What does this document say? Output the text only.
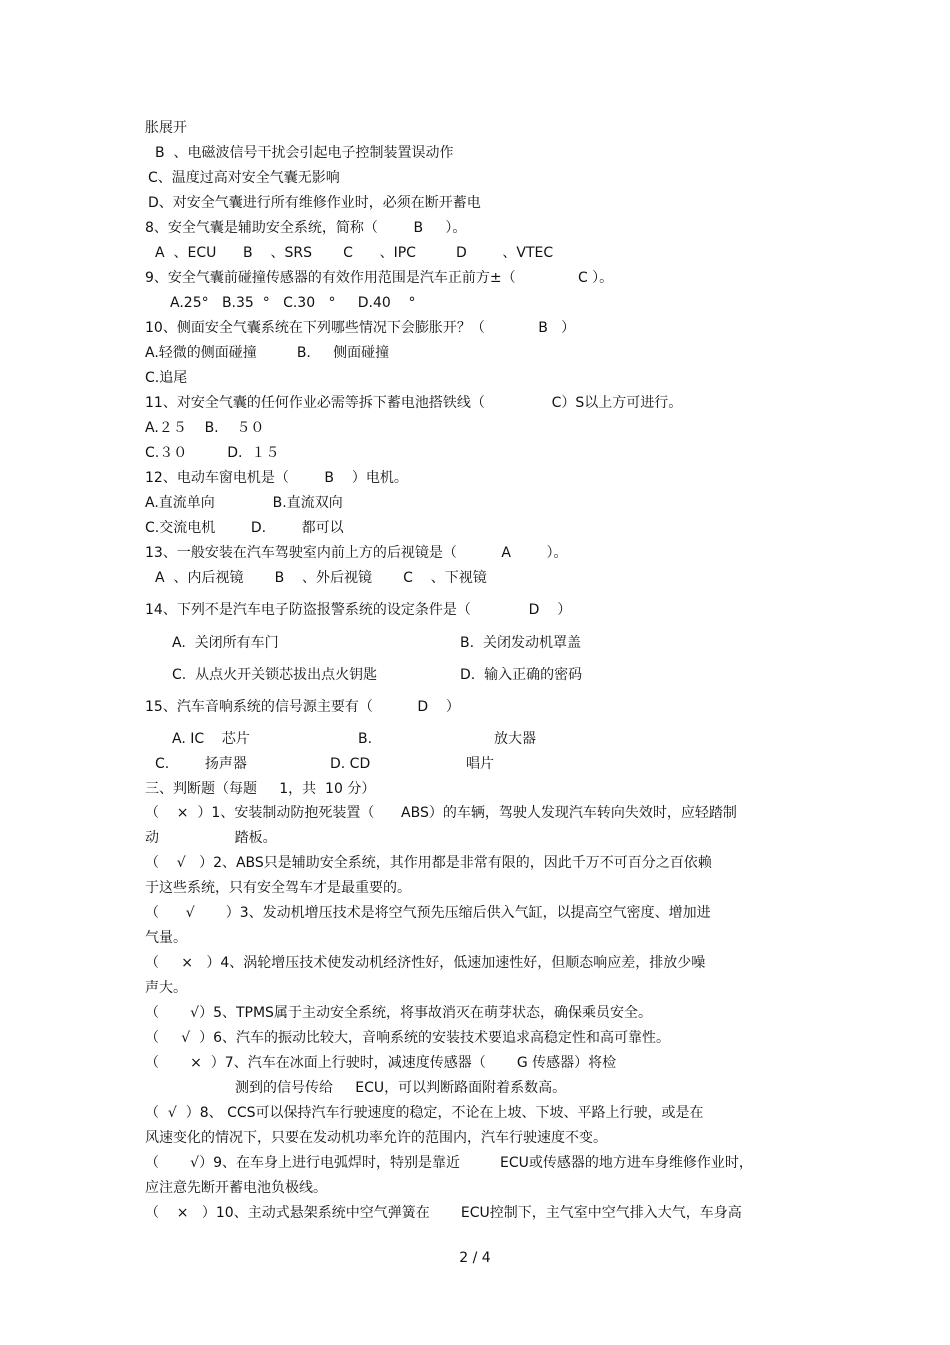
胀展开
B  、电磁波信号干扰会引起电子控制装置误动作
C、温度过高对安全气囊无影响
D、对安全气囊进行所有维修作业时，必须在断开蓄电
8、安全气囊是辅助安全系统，简称（        B     ）。
A  、ECU      B    、SRS       C      、IPC         D        、VTEC
9、安全气囊前碰撞传感器的有效作用范围是汽车正前方±（              C ）。
A.25°   B.35  °   C.30   °     D.40    °
10、侧面安全气囊系统在下列哪些情况下会膨胀开？（            B   ）
A.轻微的侧面碰撞         B.     侧面碰撞
C.追尾
11、对安全气囊的任何作业必需等拆下蓄电池搭铁线（               C）S以上方可进行。
A.２５    B.    ５０
C.３０         D.  １５
12、电动车窗电机是（        B    ）电机。
A.直流单向             B.直流双向
C.交流电机        D.        都可以
13、一般安装在汽车驾驶室内前上方的后视镜是（          A        ）。
A  、内后视镜       B    、外后视镜       C    、下视镜
14、下列不是汽车电子防盗报警系统的设定条件是（             D    ）
A.  关闭所有车门	B.  关闭发动机罩盖
C.  从点火开关锁芯拔出点火钥匙	D.  输入正确的密码
15、汽车音响系统的信号源主要有（          D    ）
A. IC    芯片	B.	放大器
C.        扬声器	D. CD	唱片
三、判断题（每题     1，共  10 分）
（    ×  ）1、安装制动防抱死装置（      ABS）的车辆，驾驶人发现汽车转向失效时，应轻踏制
动                 踏板。
（    √   ）2、ABS只是辅助安全系统，其作用都是非常有限的，因此千万不可百分之百依赖
于这些系统，只有安全驾车才是最重要的。
（      √       ）3、发动机增压技术是将空气预先压缩后供入气缸，以提高空气密度、增加进
气量。
（     ×   ）4、涡轮增压技术使发动机经济性好，低速加速性好，但顺态响应差，排放少噪
声大。
（       √）5、TPMS属于主动安全系统，将事故消灭在萌芽状态，确保乘员安全。
（     √  ）6、汽车的振动比较大，音响系统的安装技术要追求高稳定性和高可靠性。
（       ×  ）7、汽车在冰面上行驶时，减速度传感器（       G 传感器）将检
测到的信号传给     ECU，可以判断路面附着系数高。
（  √  ）8、 CCS可以保持汽车行驶速度的稳定，不论在上坡、下坡、平路上行驶，或是在
风速变化的情况下，只要在发动机功率允许的范围内，汽车行驶速度不变。
（       √）9、在车身上进行电弧焊时，特别是靠近         ECU或传感器的地方进车身维修作业时，
应注意先断开蓄电池负极线。
（    ×   ）10、主动式悬架系统中空气弹簧在       ECU控制下，主气室中空气排入大气，车身高
2 / 4
